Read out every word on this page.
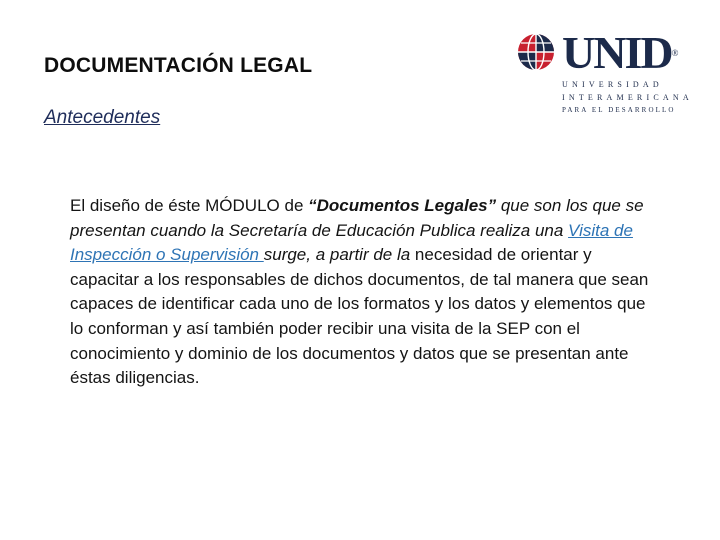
DOCUMENTACIÓN LEGAL
Antecedentes
UNID®
UNIVERSIDAD
INTERAMERICANA
PARA EL DESARROLLO
El diseño de éste MÓDULO de “Documentos Legales” que son los que se presentan cuando la Secretaría de Educación Publica realiza una Visita de Inspección o Supervisión surge, a partir de la necesidad de orientar y capacitar a los responsables de dichos documentos, de tal manera que sean capaces de identificar cada uno de los formatos y los datos y elementos que lo conforman y así también poder recibir una visita de la SEP con el conocimiento y dominio de los documentos y datos que se presentan ante éstas diligencias.
